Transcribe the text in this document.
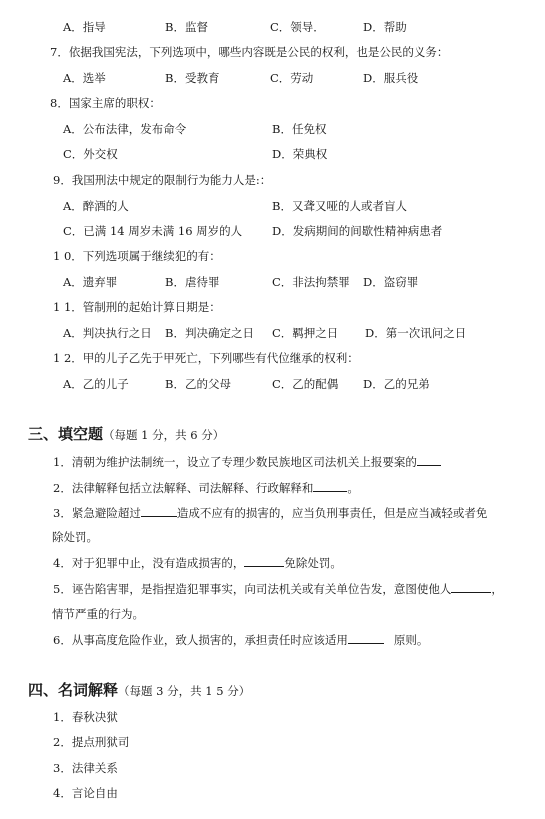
A．指导	B．监督	C．领导．	D．帮助
7．依据我国宪法，下列选项中，哪些内容既是公民的权利，也是公民的义务：
A．选举	B．受教育	C．劳动	D．服兵役
8．国家主席的职权：
A．公布法律，发布命令	B．任免权
C．外交权	D．荣典权
9．我国刑法中规定的限制行为能力人是:：
A．醉酒的人	B．又聋又哑的人或者盲人
C．已满 14 周岁未满 16 周岁的人	D．发病期间的间歇性精神病患者
1 0．下列选项属于继续犯的有：
A．遗弃罪	B．虐待罪	C．非法拘禁罪 D．盗窃罪
1 1．管制刑的起始计算日期是：
A．判决执行之日 B．判决确定之日 C．羁押之日 D．第一次讯问之日
1 2．甲的儿子乙先于甲死亡，下列哪些有代位继承的权利：
A．乙的儿子	B．乙的父母	C．乙的配偶 D．乙的兄弟
三、填空题（每题 1 分，共 6 分）
1．清朝为维护法制统一，设立了专理少数民族地区司法机关上报要案的
2．法律解释包括立法解释、司法解释、行政解释和	。
3．紧急避险超过	造成不应有的损害的，应当负刑事责任，但是应当减轻或者免
除处罚。
4．对于犯罪中止，没有造成损害的，	免除处罚。
5．诬告陷害罪，是指捏造犯罪事实，向司法机关或有关单位告发，意图使他人	，
情节严重的行为。
6．从事高度危险作业，致人损害的，承担责任时应该适用	原则。
四、名词解释（每题 3 分，共 1 5 分）
1．春秋决狱
2．提点刑狱司
3．法律关系
4．言论自由
